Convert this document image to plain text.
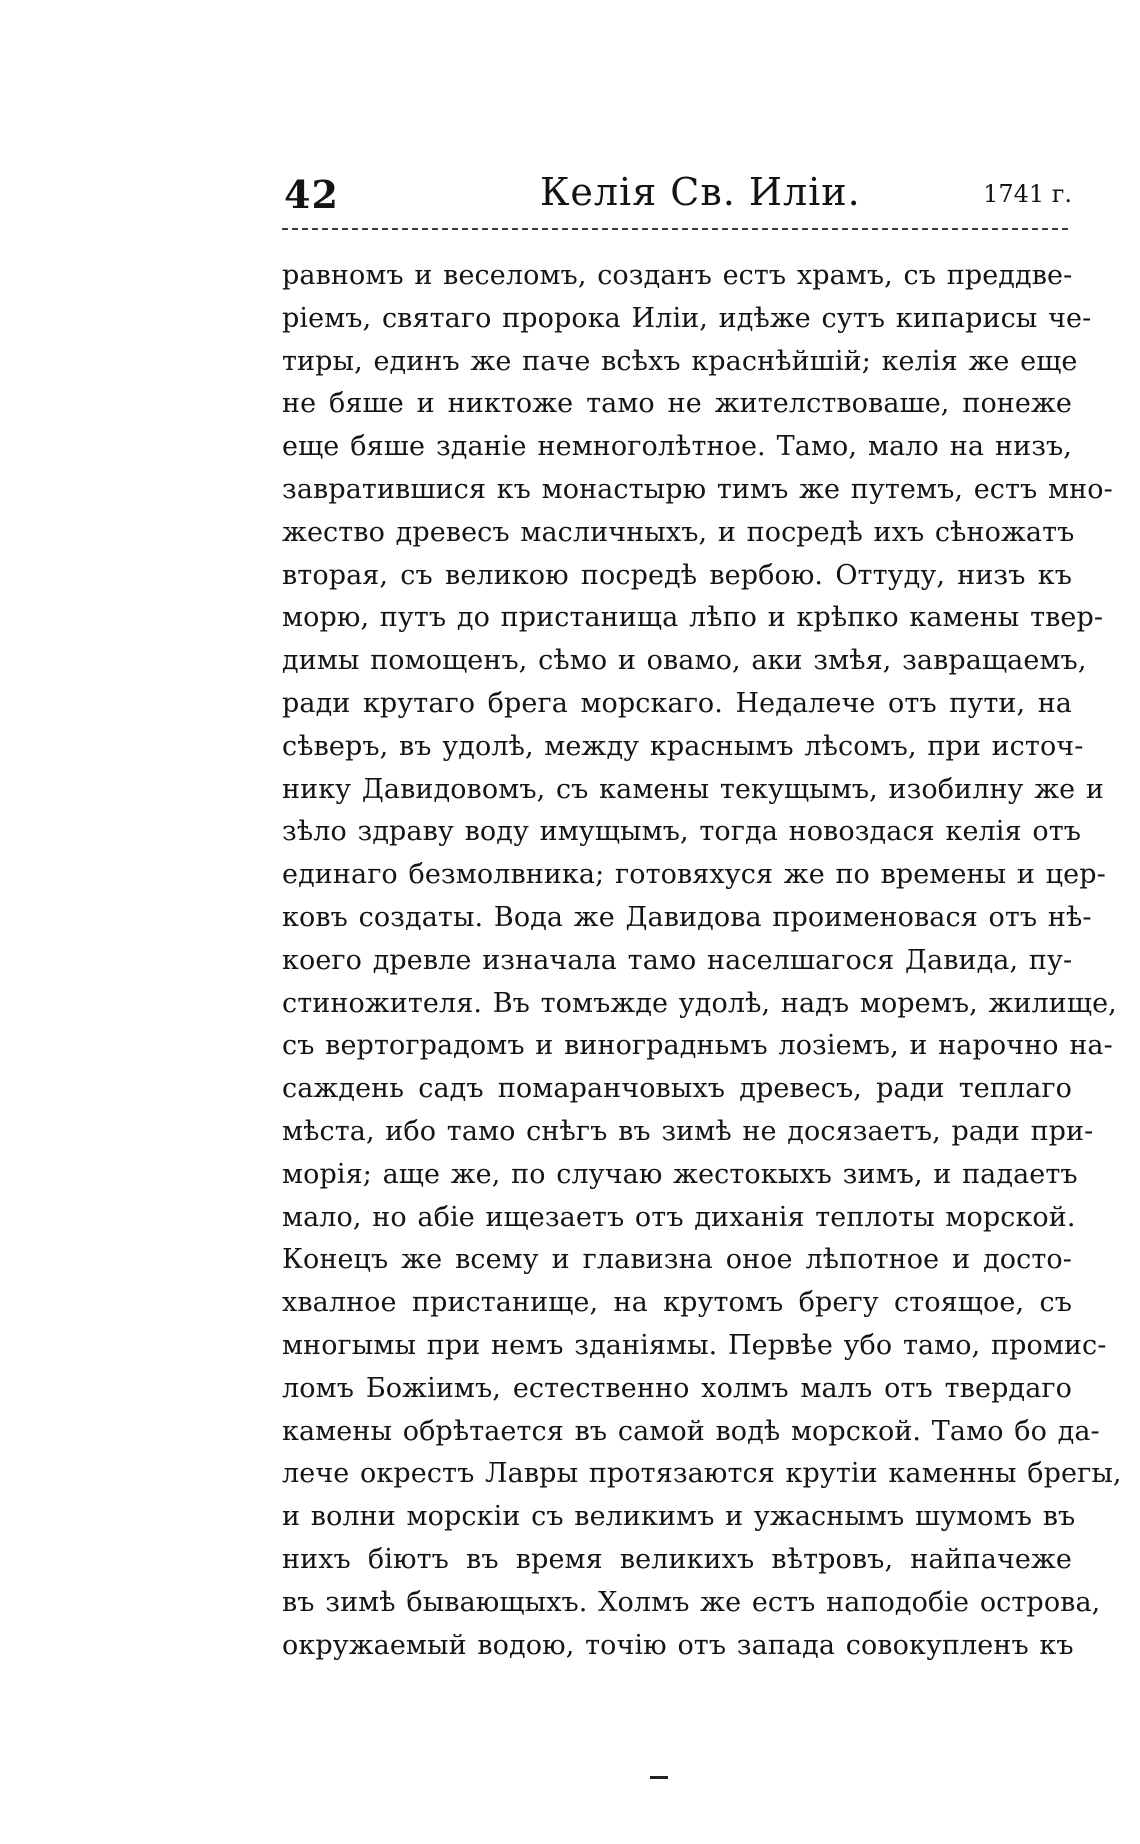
42	Келія Св. Иліи.	1741 г.
равномъ и веселомъ, созданъ естъ храмъ, съ преддве-
ріемъ, святаго пророка Иліи, идѣже сутъ кипарисы че-
тиры, единъ же паче всѣхъ краснѣйшій; келія же еще
не бяше и никтоже тамо не жителствоваше, понеже
еще бяше зданіе немноголѣтное. Тамо, мало на низъ,
завратившися къ монастырю тимъ же путемъ, естъ мно-
жество древесъ масличныхъ, и посредѣ ихъ сѣножатъ
вторая, съ великою посредѣ вербою. Оттуду, низъ къ
морю, путъ до пристанища лѣпо и крѣпко камены твер-
димы помощенъ, сѣмо и овамо, аки змѣя, завращаемъ,
ради крутаго брега морскаго. Недалече отъ пути, на
сѣверъ, въ удолѣ, между краснымъ лѣсомъ, при источ-
нику Давидовомъ, съ камены текущымъ, изобилну же и
зѣло здраву воду имущымъ, тогда новоздася келія отъ
единаго безмолвника; готовяхуся же по времены и цер-
ковъ создаты. Вода же Давидова прoименовася отъ нѣ-
коего древле изначала тамо населшагося Давида, пу-
стиножителя. Въ томъжде удолѣ, надъ моремъ, жилище,
съ вертоградомъ и виноградньмъ лозіемъ, и нарочно на-
саждень садъ помаранчовыхъ древесъ, ради теплаго
мѣста, ибо тамо снѣгъ въ зимѣ не досязаетъ, ради при-
морія; аще же, по случаю жестокыхъ зимъ, и падаетъ
мало, но абіе ищезаетъ отъ диханія теплоты морской.
Конецъ же всему и главизна оное лѣпотное и досто-
хвалное пристанище, на крутомъ брегу стоящое, съ
многымы при немъ зданіямы. Первѣе убо тамо, промис-
ломъ Божіимъ, естественно холмъ малъ отъ твердаго
камены обрѣтается въ самой водѣ морской. Тамо бо да-
лече окрестъ Лавры протязаются крутіи каменны брегы,
и волни морскіи съ великимъ и ужаснымъ шумомъ въ
нихъ біютъ въ время великихъ вѣтровъ, найпачеже
въ зимѣ бывающыхъ. Холмъ же естъ наподобіе острова,
окружаемый водою, точію отъ запада совокупленъ къ
